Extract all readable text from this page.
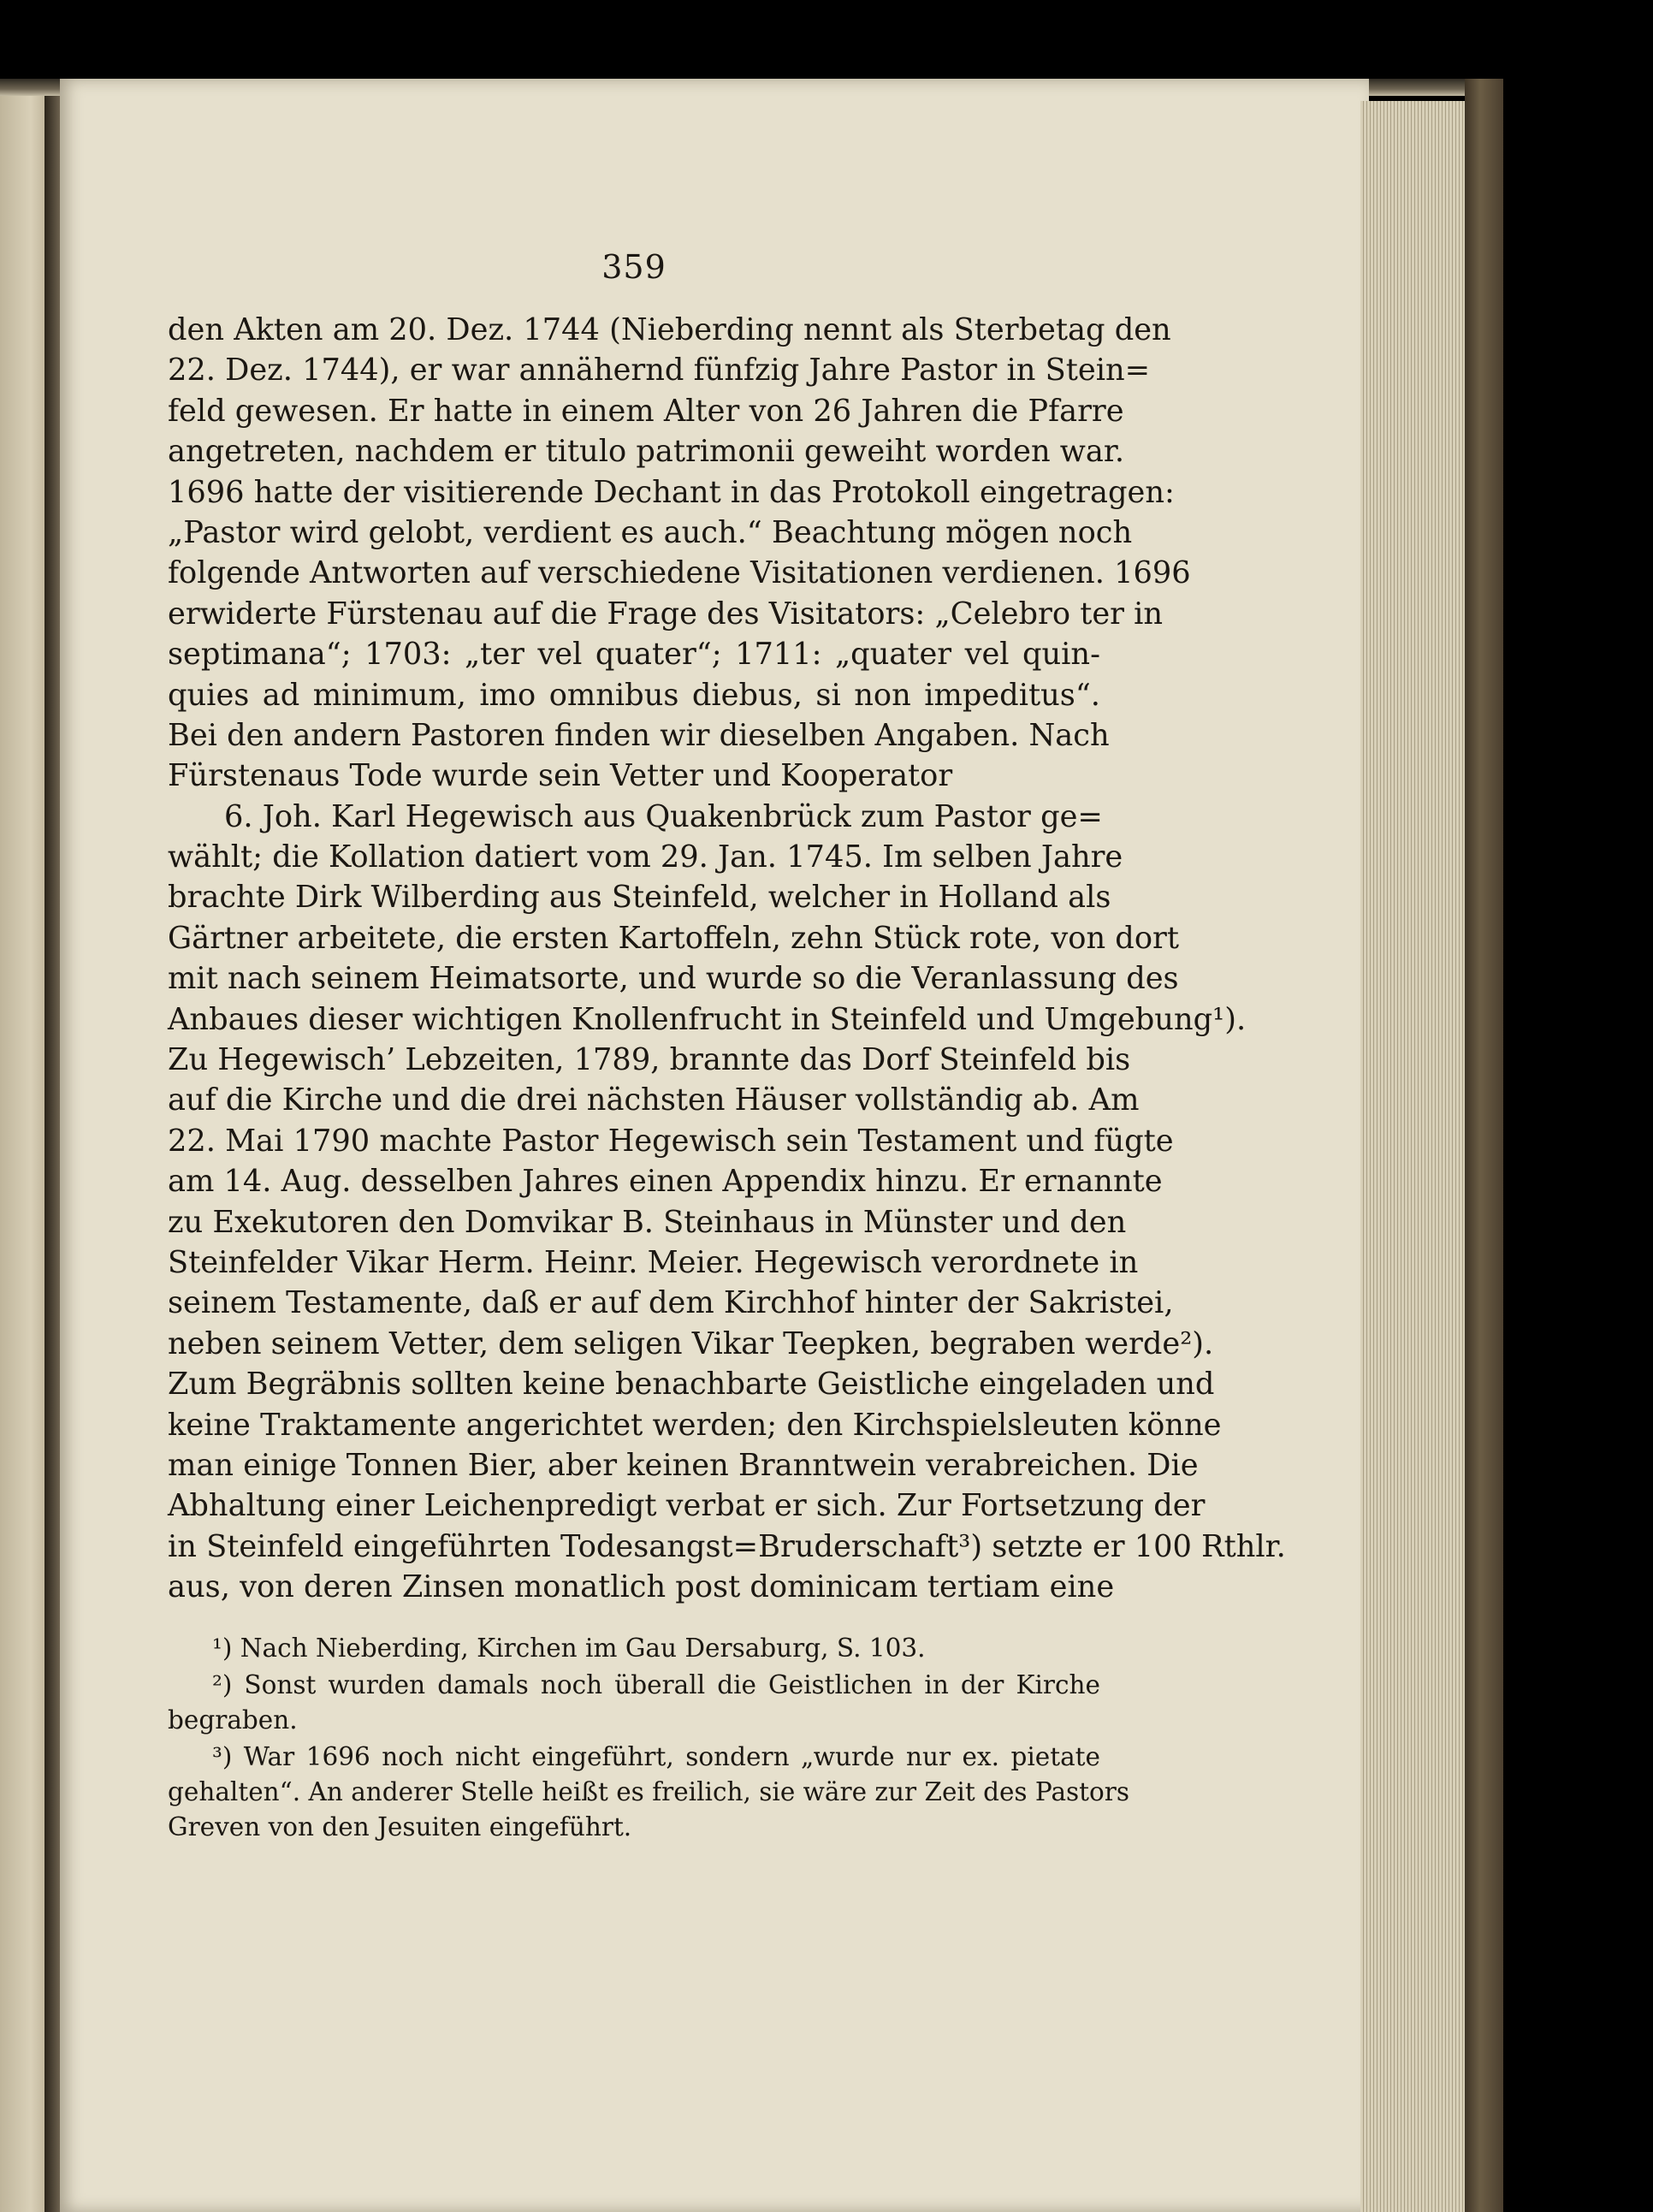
359
den Akten am 20. Dez. 1744 (Nieberding nennt als Sterbetag den
22. Dez. 1744), er war annähernd fünfzig Jahre Pastor in Stein=
feld gewesen. Er hatte in einem Alter von 26 Jahren die Pfarre
angetreten, nachdem er titulo patrimonii geweiht worden war.
1696 hatte der visitierende Dechant in das Protokoll eingetragen:
„Pastor wird gelobt, verdient es auch.“ Beachtung mögen noch
folgende Antworten auf verschiedene Visitationen verdienen. 1696
erwiderte Fürstenau auf die Frage des Visitators: „Celebro ter in
septimana“; 1703: „ter vel quater“; 1711: „quater vel quin-
quies ad minimum, imo omnibus diebus, si non impeditus“.
Bei den andern Pastoren finden wir dieselben Angaben. Nach
Fürstenaus Tode wurde sein Vetter und Kooperator
6. Joh. Karl Hegewisch aus Quakenbrück zum Pastor ge=
wählt; die Kollation datiert vom 29. Jan. 1745. Im selben Jahre
brachte Dirk Wilberding aus Steinfeld, welcher in Holland als
Gärtner arbeitete, die ersten Kartoffeln, zehn Stück rote, von dort
mit nach seinem Heimatsorte, und wurde so die Veranlassung des
Anbaues dieser wichtigen Knollenfrucht in Steinfeld und Umgebung¹).
Zu Hegewisch’ Lebzeiten, 1789, brannte das Dorf Steinfeld bis
auf die Kirche und die drei nächsten Häuser vollständig ab. Am
22. Mai 1790 machte Pastor Hegewisch sein Testament und fügte
am 14. Aug. desselben Jahres einen Appendix hinzu. Er ernannte
zu Exekutoren den Domvikar B. Steinhaus in Münster und den
Steinfelder Vikar Herm. Heinr. Meier. Hegewisch verordnete in
seinem Testamente, daß er auf dem Kirchhof hinter der Sakristei,
neben seinem Vetter, dem seligen Vikar Teepken, begraben werde²).
Zum Begräbnis sollten keine benachbarte Geistliche eingeladen und
keine Traktamente angerichtet werden; den Kirchspielsleuten könne
man einige Tonnen Bier, aber keinen Branntwein verabreichen. Die
Abhaltung einer Leichenpredigt verbat er sich. Zur Fortsetzung der
in Steinfeld eingeführten Todesangst=Bruderschaft³) setzte er 100 Rthlr.
aus, von deren Zinsen monatlich post dominicam tertiam eine
¹) Nach Nieberding, Kirchen im Gau Dersaburg, S. 103.
²) Sonst wurden damals noch überall die Geistlichen in der Kirche
begraben.
³) War 1696 noch nicht eingeführt, sondern „wurde nur ex. pietate
gehalten“. An anderer Stelle heißt es freilich, sie wäre zur Zeit des Pastors
Greven von den Jesuiten eingeführt.
